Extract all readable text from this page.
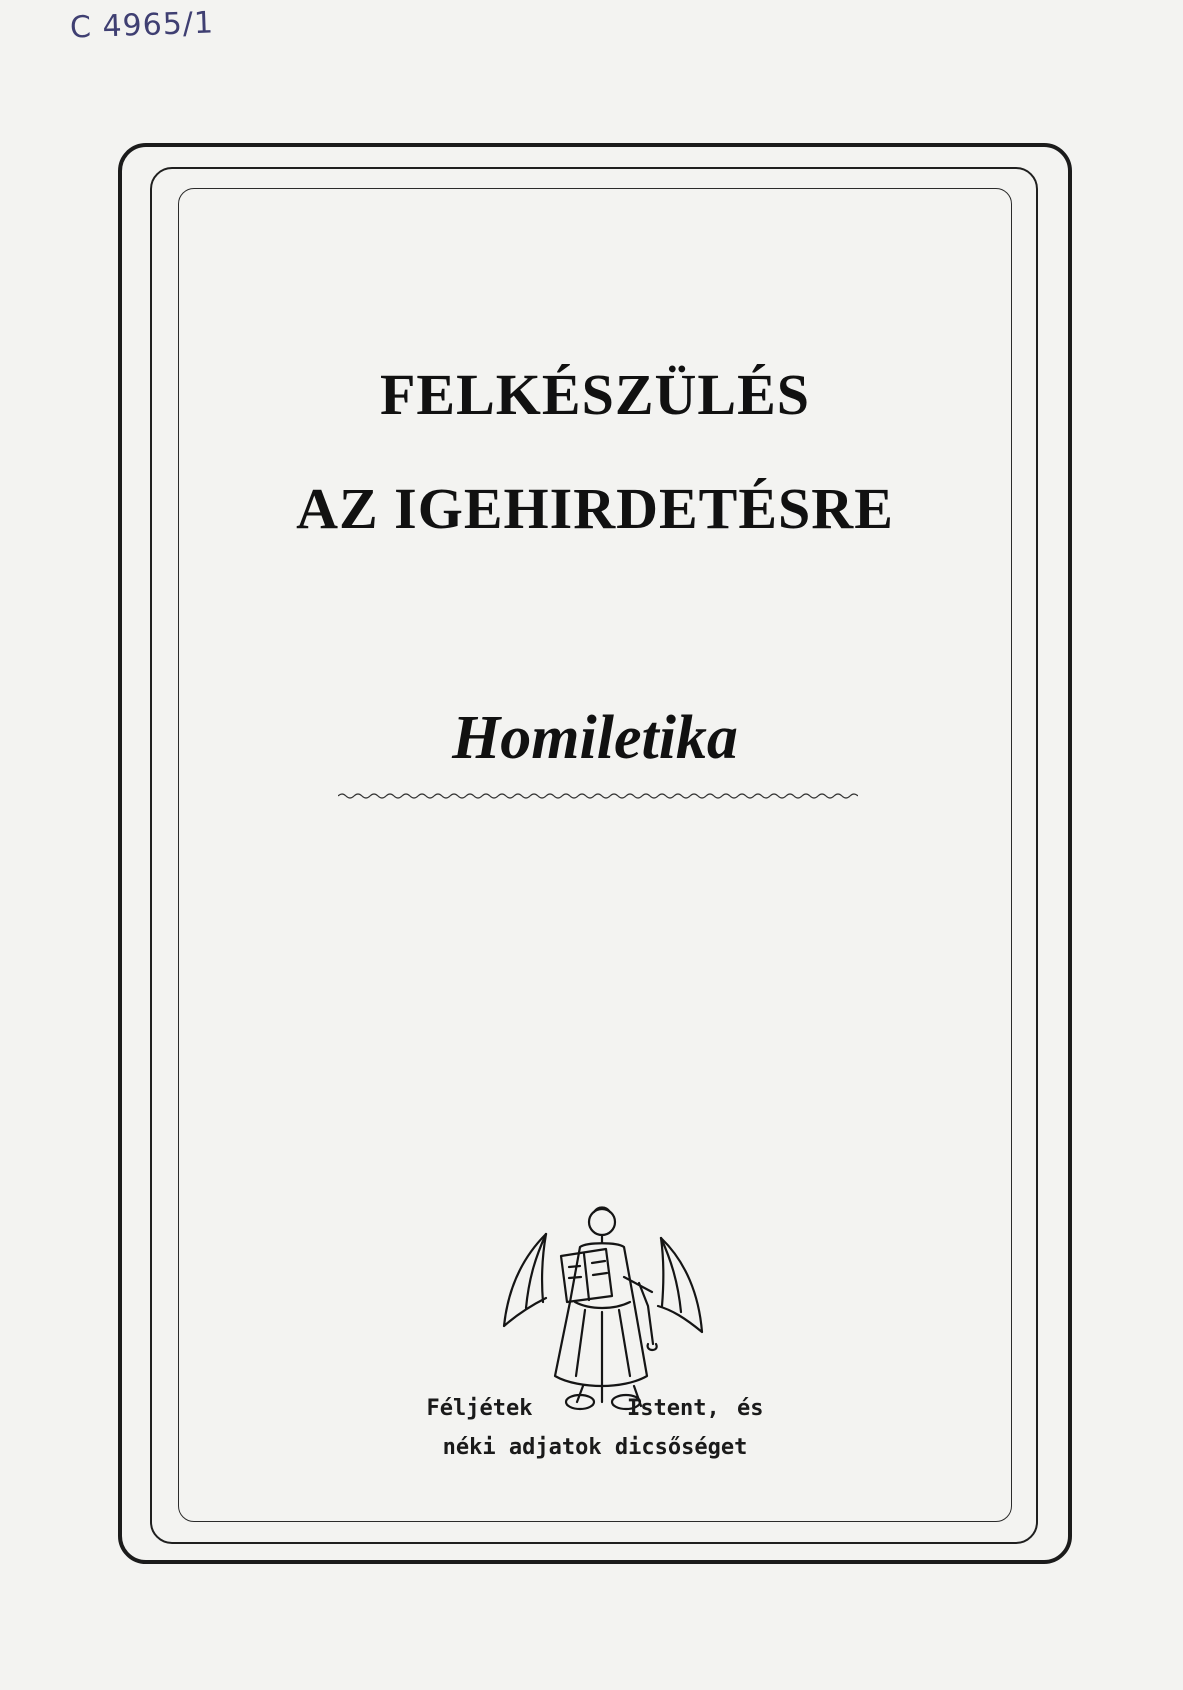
C 4965/1
FELKÉSZÜLÉS
AZ IGEHIRDETÉSRE
Homiletika
Féljétek	Istent, és
néki adjatok dicsőséget
